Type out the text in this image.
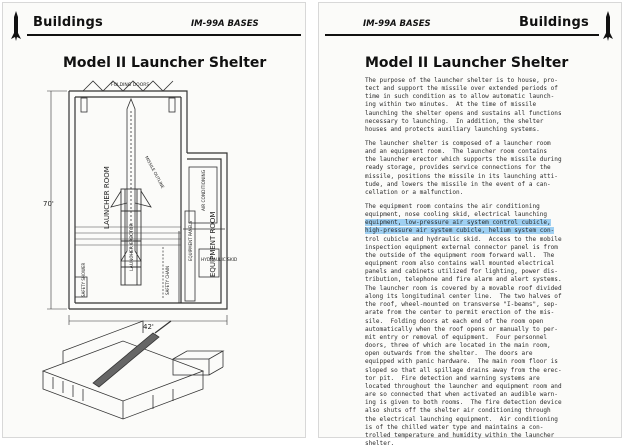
Buildings	IM-99A BASES
Model II Launcher Shelter
FOLDING DOORS
70'
42'
MISSILE OUTLINE
LAUNCHER ERECTOR
LAUNCHER ROOM	AIR CONDITIONING
EQUIPMENT ROOM
EQUIPMENT PANELS
SAFETY SHOWER	SAFETY CHAIN
HYDRAULIC SKID
IM-99A BASES	Buildings
Model II Launcher Shelter
The purpose of the launcher shelter is to house, pro-
tect and support the missile over extended periods of
time in such condition as to allow automatic launch-
ing within two minutes.  At the time of missile
launching the shelter opens and sustains all functions
necessary to launching.  In addition, the shelter
houses and protects auxiliary launching systems.
The launcher shelter is composed of a launcher room
and an equipment room.  The launcher room contains
the launcher erector which supports the missile during
ready storage, provides service connections for the
missile, positions the missile in its launching atti-
tude, and lowers the missile in the event of a can-
cellation or a malfunction.
The equipment room contains the air conditioning
equipment, nose cooling skid, electrical launching
equipment, low-pressure air system control cubicle,
high-pressure air system cubicle, helium system con-
trol cubicle and hydraulic skid.  Access to the mobile
inspection equipment external connector panel is from
the outside of the equipment room forward wall.  The
equipment room also contains wall mounted electrical
panels and cabinets utilized for lighting, power dis-
tribution, telephone and fire alarm and alert systems.
The launcher room is covered by a movable roof divided
along its longitudinal center line.  The two halves of
the roof, wheel-mounted on transverse "I-beams", sep-
arate from the center to permit erection of the mis-
sile.  Folding doors at each end of the room open
automatically when the roof opens or manually to per-
mit entry or removal of equipment.  Four personnel
doors, three of which are located in the main room,
open outwards from the shelter.  The doors are
equipped with panic hardware.  The main room floor is
sloped so that all spillage drains away from the erec-
tor pit.  Fire detection and warning systems are
located throughout the launcher and equipment room and
are so connected that when activated an audible warn-
ing is given to both rooms.  The fire detection device
also shuts off the shelter air conditioning through
the electrical launching equipment.  Air conditioning
is of the chilled water type and maintains a con-
trolled temperature and humidity within the launcher
shelter.
